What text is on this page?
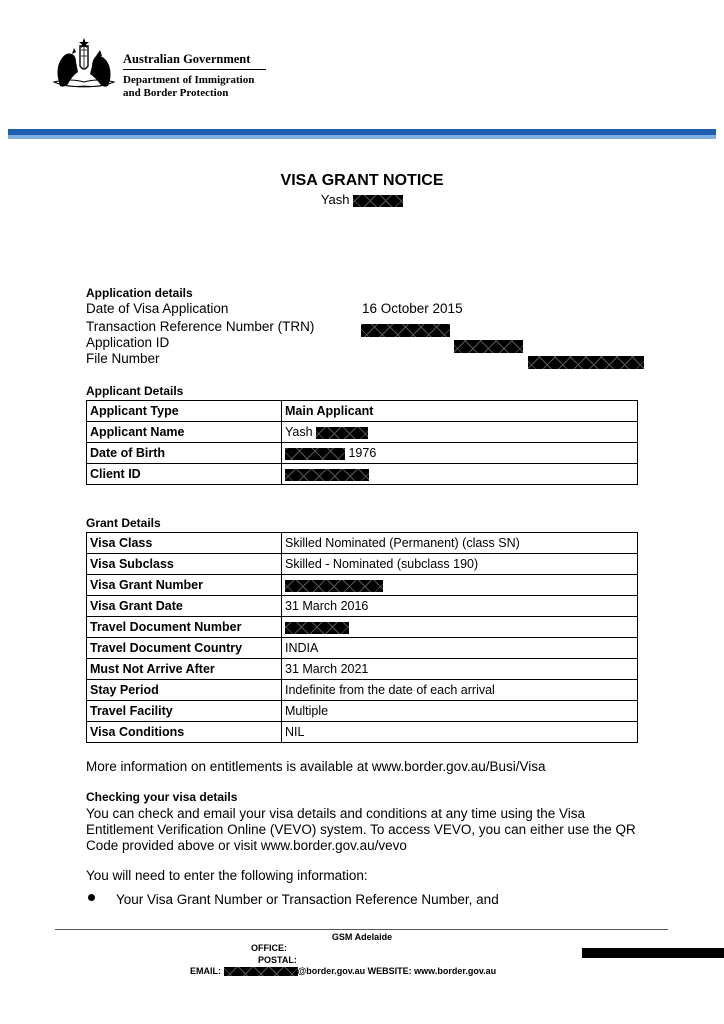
Australian Government
Department of Immigration
and Border Protection
VISA GRANT NOTICE
Yash
Application details
Date of Visa Application	16 October 2015
Transaction Reference Number (TRN)

Application ID

File Number

Applicant Details
Applicant Type	Main Applicant
Applicant Name	Yash
Date of Birth	1976
Client ID	
Grant Details
Visa Class	Skilled Nominated (Permanent) (class SN)
Visa Subclass	Skilled - Nominated (subclass 190)
Visa Grant Number	
Visa Grant Date	31 March 2016
Travel Document Number	
Travel Document Country	INDIA
Must Not Arrive After	31 March 2021
Stay Period	Indefinite from the date of each arrival
Travel Facility	Multiple
Visa Conditions	NIL
More information on entitlements is available at www.border.gov.au/Busi/Visa
Checking your visa details
You can check and email your visa details and conditions at any time using the Visa
Entitlement Verification Online (VEVO) system. To access VEVO, you can either use the QR
Code provided above or visit www.border.gov.au/vevo
You will need to enter the following information:
Your Visa Grant Number or Transaction Reference Number, and
GSM Adelaide
OFFICE:

POSTAL:
EMAIL:	@border.gov.au WEBSITE: www.border.gov.au
